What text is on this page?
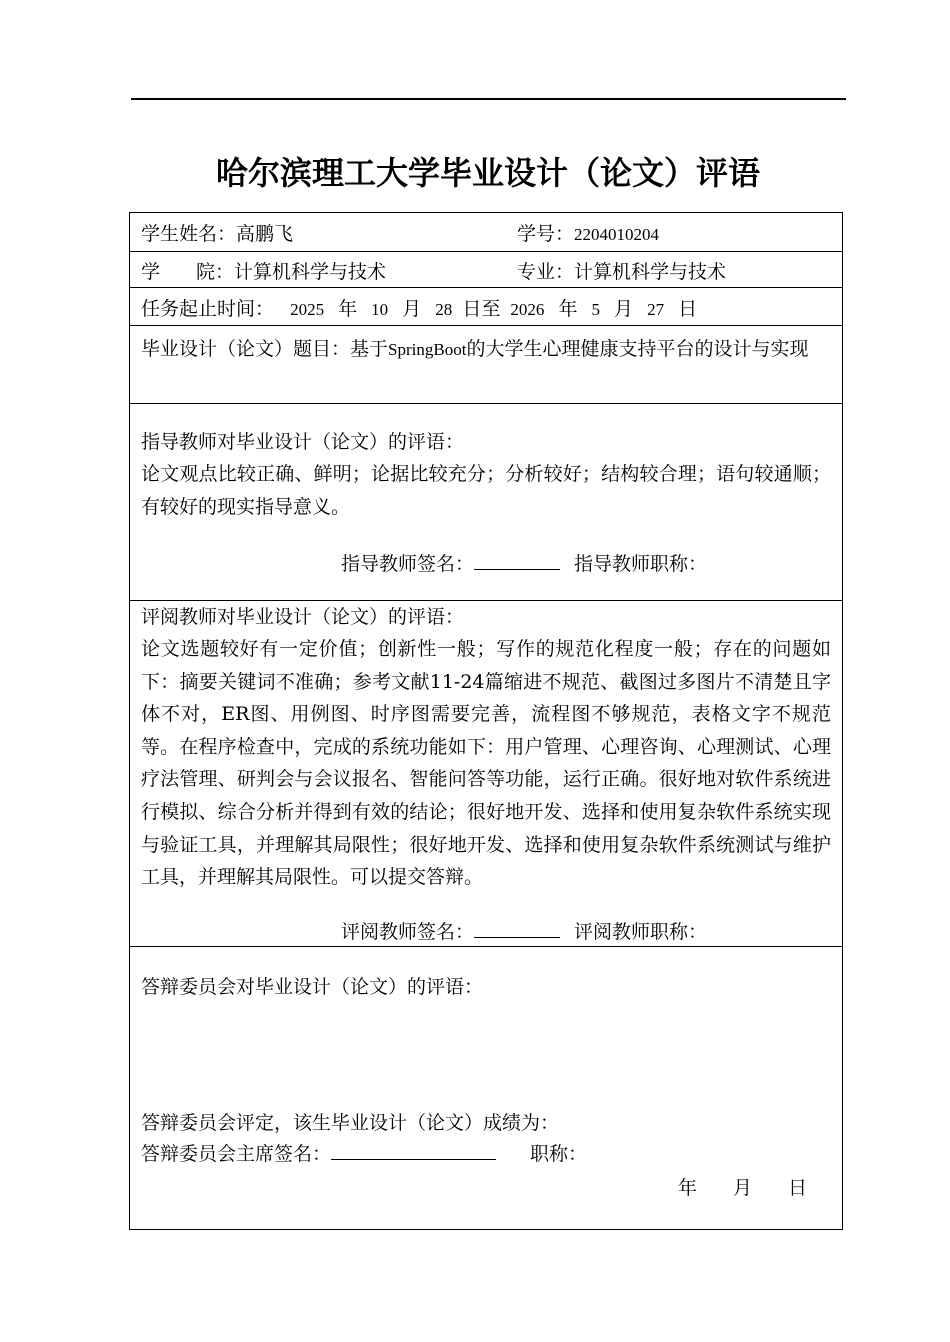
哈尔滨理工大学毕业设计（论文）评语
学生姓名：高鹏飞	学号：2204010204
学 院：计算机科学与技术	专业：计算机科学与技术
任务起止时间： 2025 年 10 月 28 日至 2026 年 5 月 27 日
毕业设计（论文）题目：基于SpringBoot的大学生心理健康支持平台的设计与实现
指导教师对毕业设计（论文）的评语：
论文观点比较正确、鲜明；论据比较充分；分析较好；结构较合理；语句较通顺；有较好的现实指导意义。
指导教师签名：	指导教师职称：
评阅教师对毕业设计（论文）的评语：
论文选题较好有一定价值；创新性一般；写作的规范化程度一般；存在的问题如下：摘要关键词不准确；参考文献11-24篇缩进不规范、截图过多图片不清楚且字体不对，ER图、用例图、时序图需要完善，流程图不够规范，表格文字不规范等。在程序检查中，完成的系统功能如下：用户管理、心理咨询、心理测试、心理疗法管理、研判会与会议报名、智能问答等功能，运行正确。很好地对软件系统进行模拟、综合分析并得到有效的结论；很好地开发、选择和使用复杂软件系统实现与验证工具，并理解其局限性；很好地开发、选择和使用复杂软件系统测试与维护工具，并理解其局限性。可以提交答辩。
评阅教师签名：	评阅教师职称：
答辩委员会对毕业设计（论文）的评语：
答辩委员会评定，该生毕业设计（论文）成绩为：
答辩委员会主席签名：	职称：
年 月 日
